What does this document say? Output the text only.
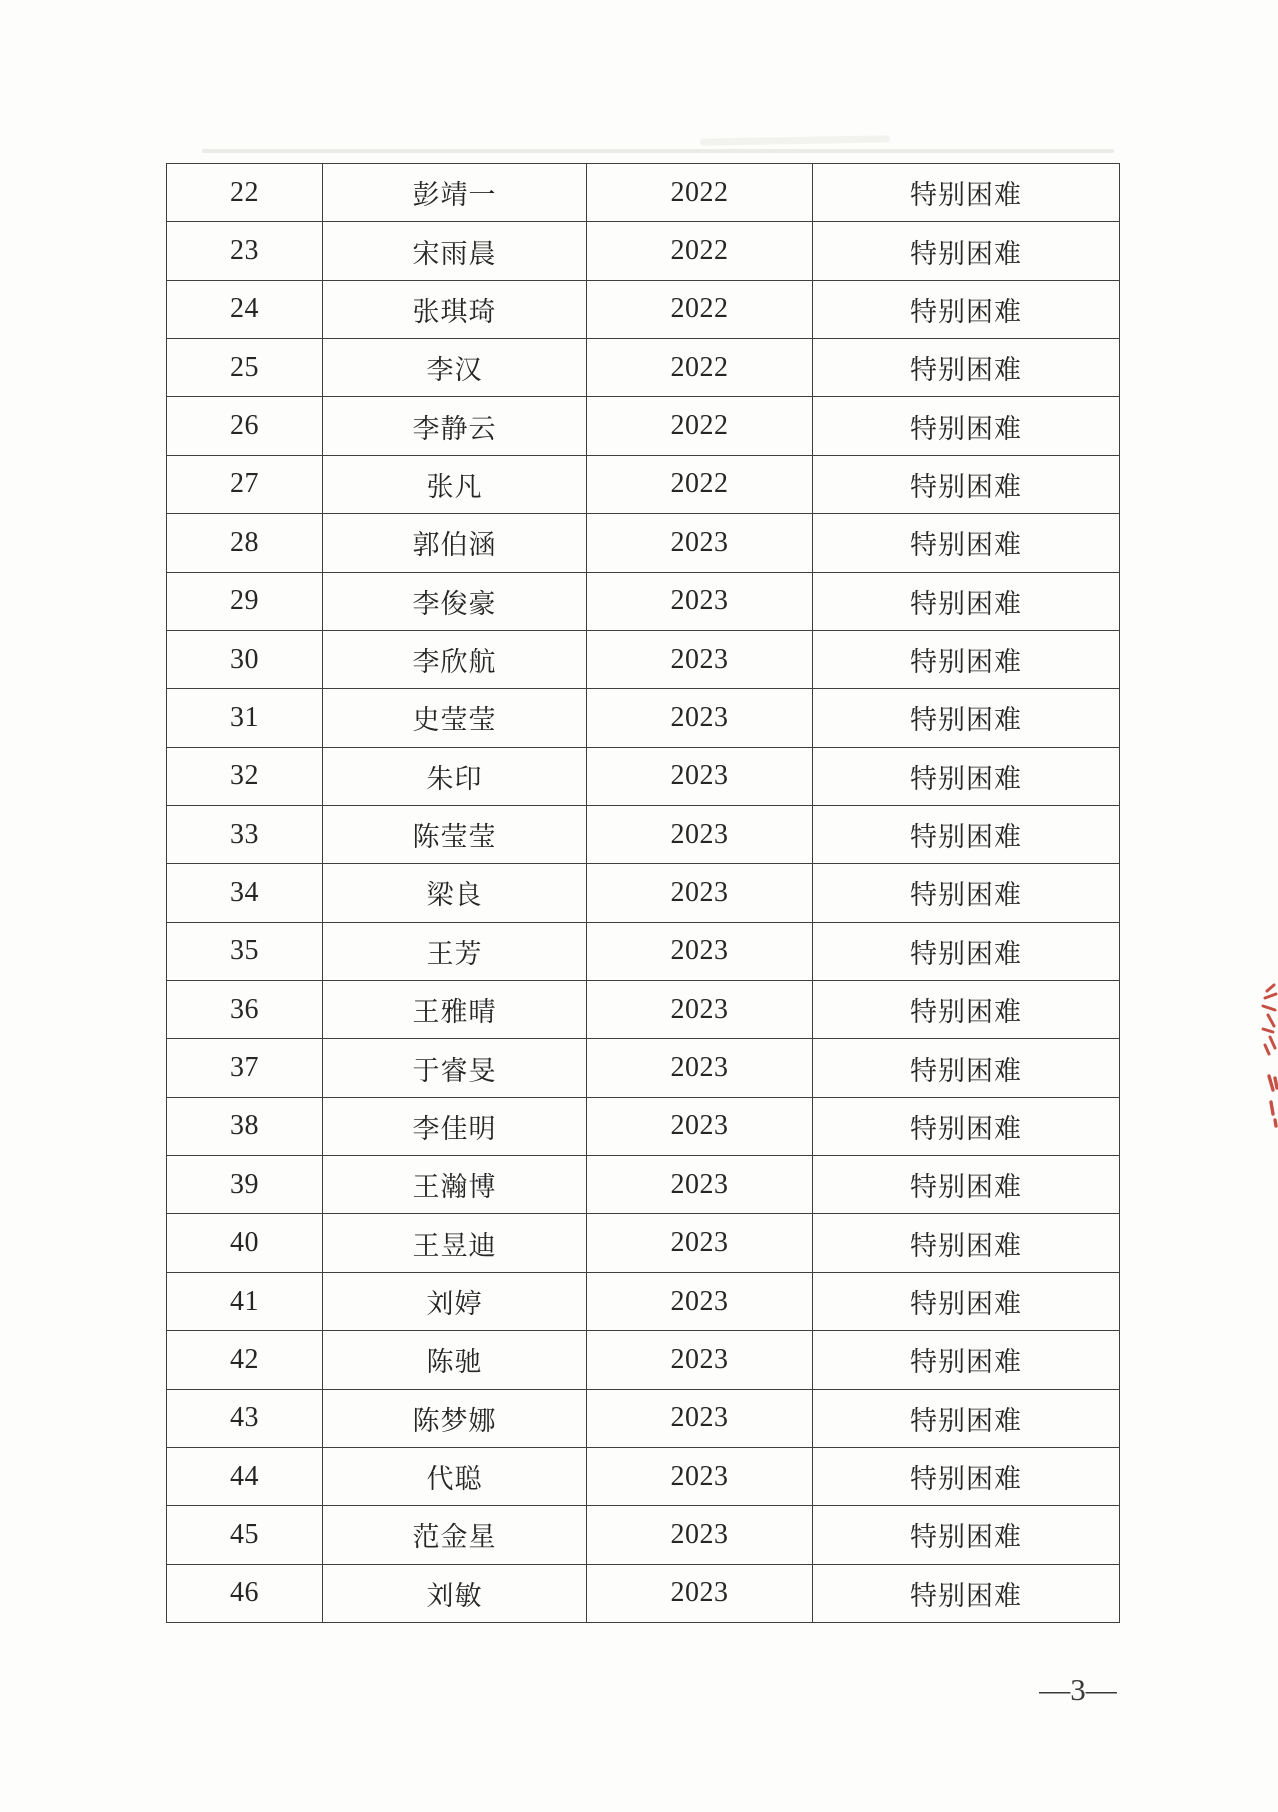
22	彭靖一	2022	特别困难
23	宋雨晨	2022	特别困难
24	张琪琦	2022	特别困难
25	李汉	2022	特别困难
26	李静云	2022	特别困难
27	张凡	2022	特别困难
28	郭伯涵	2023	特别困难
29	李俊豪	2023	特别困难
30	李欣航	2023	特别困难
31	史莹莹	2023	特别困难
32	朱印	2023	特别困难
33	陈莹莹	2023	特别困难
34	梁良	2023	特别困难
35	王芳	2023	特别困难
36	王雅晴	2023	特别困难
37	于睿旻	2023	特别困难
38	李佳明	2023	特别困难
39	王瀚博	2023	特别困难
40	王昱迪	2023	特别困难
41	刘婷	2023	特别困难
42	陈驰	2023	特别困难
43	陈梦娜	2023	特别困难
44	代聪	2023	特别困难
45	范金星	2023	特别困难
46	刘敏	2023	特别困难
—3—
